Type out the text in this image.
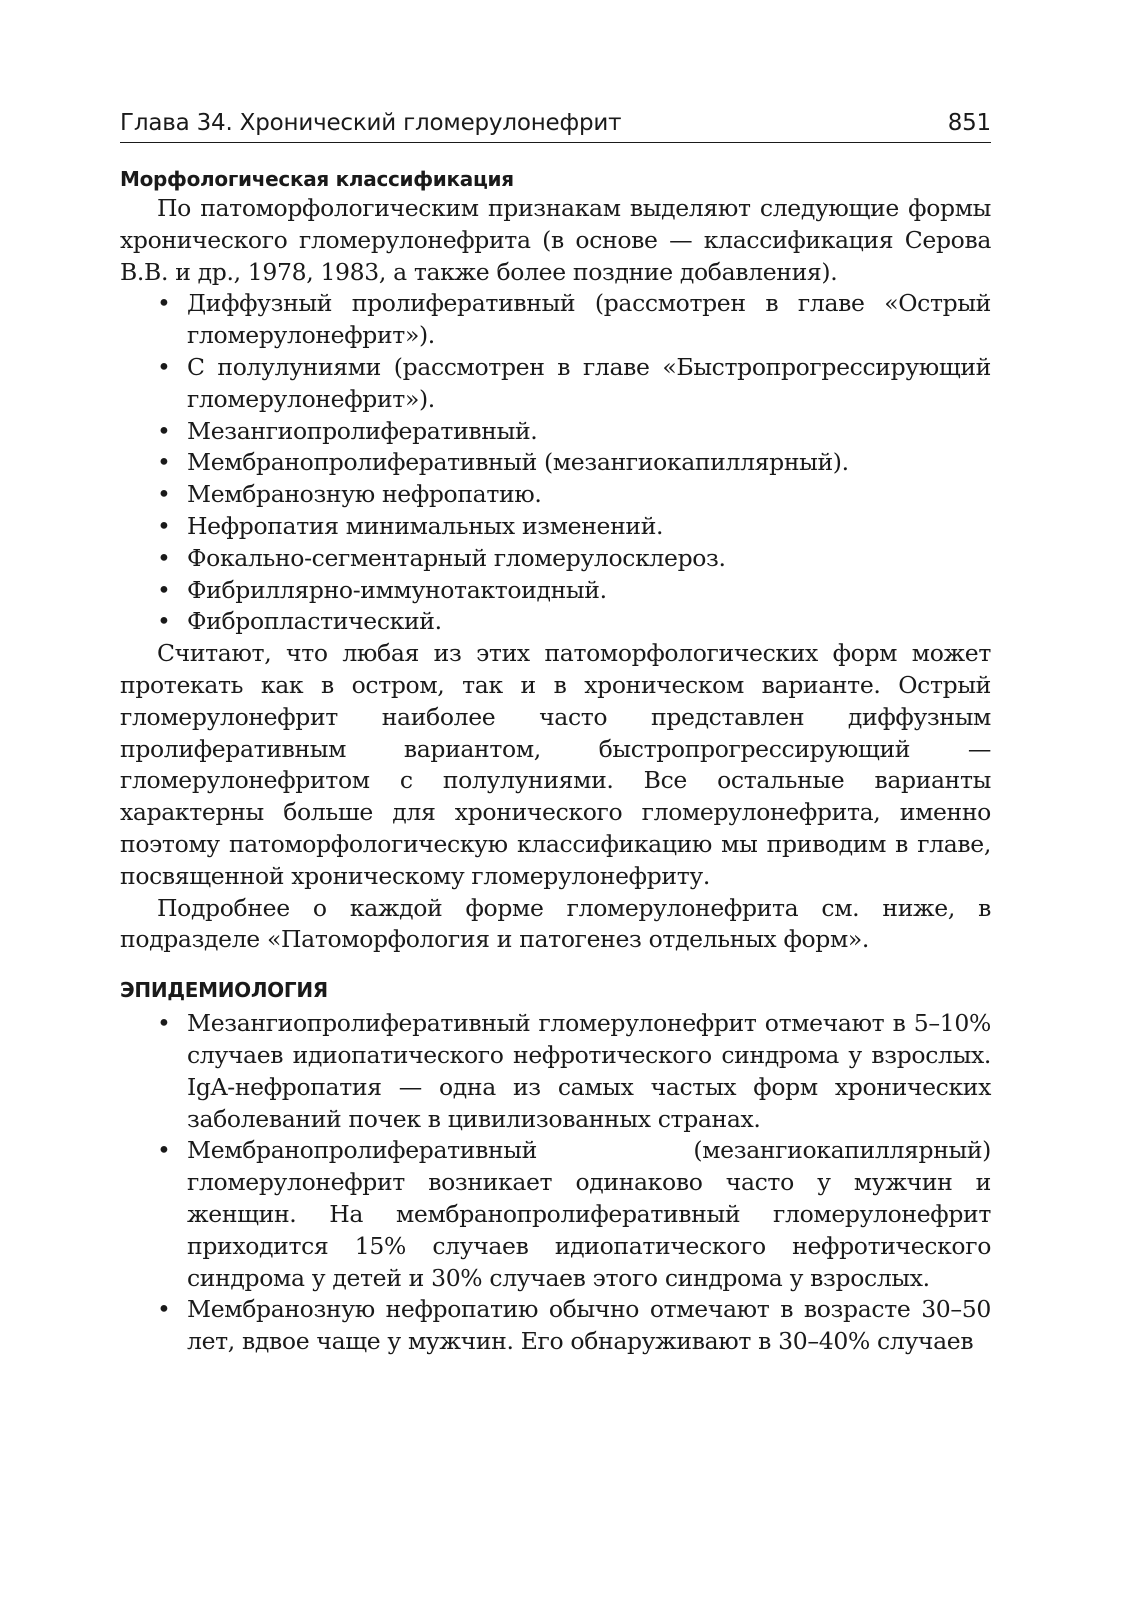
Глава 34. Хронический гломерулонефрит	851
Морфологическая классификация

По патоморфологическим признакам выделяют следующие формы хронического гломерулонефрита (в основе — классификация Серова В.В. и др., 1978, 1983, а также более поздние добавления).

• Диффузный пролиферативный (рассмотрен в главе «Острый гломерулонефрит»).
• С полулуниями (рассмотрен в главе «Быстропрогрессирующий гломерулонефрит»).
• Мезангиопролиферативный.
• Мембранопролиферативный (мезангиокапиллярный).
• Мембранозную нефропатию.
• Нефропатия минимальных изменений.
• Фокально-сегментарный гломерулосклероз.
• Фибриллярно-иммунотактоидный.
• Фибропластический.

Считают, что любая из этих патоморфологических форм может протекать как в остром, так и в хроническом варианте. Острый гломерулонефрит наиболее часто представлен диффузным пролиферативным вариантом, быстропрогрессирующий — гломерулонефритом с полулуниями. Все остальные варианты характерны больше для хронического гломерулонефрита, именно поэтому патоморфологическую классификацию мы приводим в главе, посвященной хроническому гломерулонефриту.

Подробнее о каждой форме гломерулонефрита см. ниже, в подразделе «Патоморфология и патогенез отдельных форм».

ЭПИДЕМИОЛОГИЯ
• Мезангиопролиферативный гломерулонефрит отмечают в 5–10% случаев идиопатического нефротического синдрома у взрослых. IgA-нефропатия — одна из самых частых форм хронических заболеваний почек в цивилизованных странах.
• Мембранопролиферативный (мезангиокапиллярный) гломерулонефрит возникает одинаково часто у мужчин и женщин. На мембранопролиферативный гломерулонефрит приходится 15% случаев идиопатического нефротического синдрома у детей и 30% случаев этого синдрома у взрослых.
• Мембранозную нефропатию обычно отмечают в возрасте 30–50 лет, вдвое чаще у мужчин. Его обнаруживают в 30–40% случаев
